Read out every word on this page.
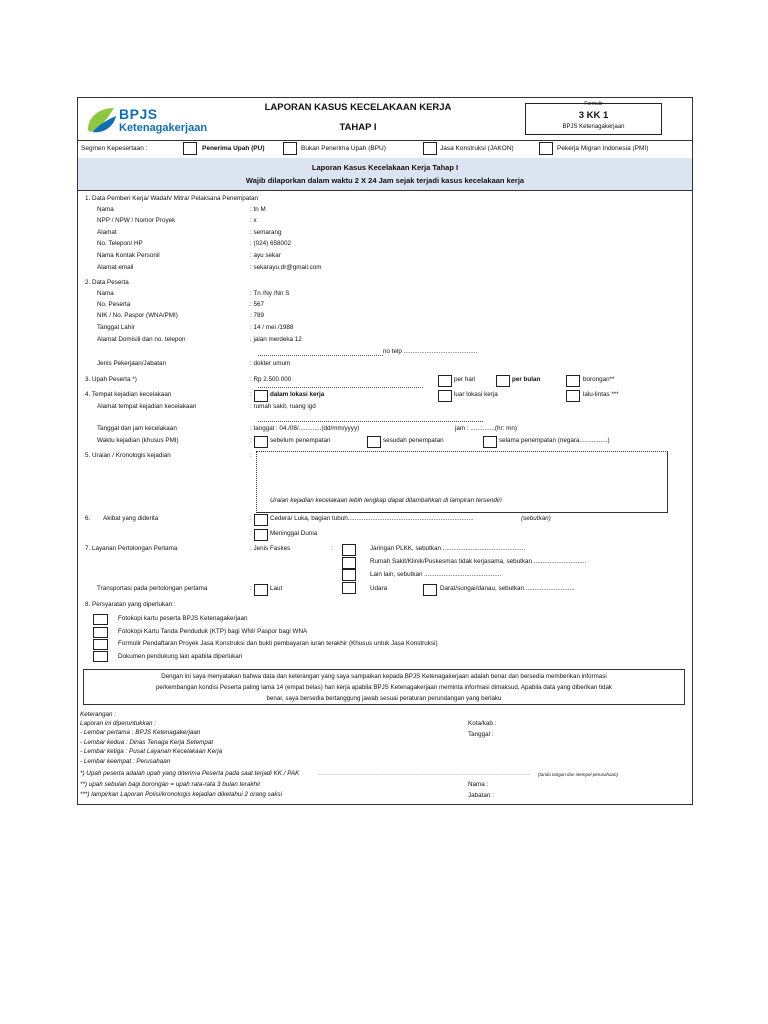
BPJS
Ketenagakerjaan
LAPORAN KASUS KECELAKAAN KERJA
TAHAP I
Formulir
3 KK 1
BPJS Ketenagakerjaan
Segmen Kepesertaan :	Penerima Upah (PU)	Bukan Penerima Upah (BPU)	Jasa Konstruksi (JAKON)	Pekerja Migran Indonesia (PMI)
Laporan Kasus Kecelakaan Kerja Tahap I
Wajib dilaporkan dalam waktu 2 X 24 Jam sejak terjadi kasus kecelakaan kerja
1. Data Pemberi Kerja/ Wadah/ Mitra/ Pelaksana Penempatan
Nama	: tn M
NPP / NPW / Nomor Proyek	: x
Alamat	: semarang
No. Telepon/ HP	: (024) 658002
Nama Kontak Personil	: ayu sekar
Alamat email	: sekarayu.dr@gmail.com
2. Data Peserta
Nama	: Tn /Ny /Nn S
No. Peserta	: 567
NIK / No. Paspor (WNA/PMI)	: 789
Tanggal Lahir	: 14 / mei /1988
Alamat Domisili dan no. telepon	: jalan merdeka 12
no telp ..........................................
Jenis Pekerjaan/Jabatan	: dokter umum
3. Upah Peserta *)	: Rp 2.500.000	per hari	per bulan	borongan**
4. Tempat kejadian kecelakaan	:	dalam lokasi kerja	luar lokasi kerja	lalu-lintas ***
Alamat tempat kejadian kecelakaan	: rumah sakit, ruang igd
Tanggal dan jam kecelakaan	: tanggal : 04./08/.............(dd/mm/yyyy)	jam : ......:.......(hr: mn)
Waktu kejadian (khusus PMI)	:	sebelum penempatan	sesudah penempatan	selama penempatan (negara................)
5. Uraian / Kronologis kejadian	:
Uraian kejadian kecelakaan lebih lengkap dapat ditambahkan di lampiran tersendiri
6. Akibat yang diderita	:	Cedera/ Luka, bagian tubuh........................................................................	(sebutkan)
:	Meninggal Dunia
7. Layanan Pertolongan Pertama	: Jenis Faskes	:	Jaringan PLKK, sebutkan ...............................................
Rumah Sakit/Klinik/Puskesmas tidak kerjasama, sebutkan ..............................
Lain lain, sebutkan ............................................
Transportasi pada pertolongan pertama	:	Laut	Udara	Darat/sungai/danau, sebutkan ............................
8. Persyaratan yang diperlukan :
Fotokopi kartu peserta BPJS Ketenagakerjaan
Fotokopi Kartu Tanda Penduduk (KTP) bagi WNI/ Paspor bagi WNA
Formulir Pendaftaran Proyek Jasa Konstruksi dan bukti pembayaran iuran terakhir (Khusus untuk Jasa Konstruksi)
Dokumen pendukung lain apabila diperlukan
Dengan ini saya menyatakan bahwa data dan keterangan yang saya sampaikan kepada BPJS Ketenagakerjaan adalah benar dan bersedia memberikan informasi
perkembangan kondisi Peserta paling lama 14 (empat belas) hari kerja apabila BPJS Ketenagakerjaan meminta informasi dimaksud, Apabila data yang diberikan tidak
benar, saya bersedia bertanggung jawab sesuai peraturan perundangan yang berlaku
Keterangan :
Laporan ini diperuntukkan :
- Lembar pertama : BPJS Ketenagakerjaan
- Lembar kedua : Dinas Tenaga Kerja Setempat
- Lembar ketiga : Pusat Layanan Kecelakaan Kerja
- Lembar keempat : Perusahaan
*) Upah peserta adalah upah yang diterima Peserta pada saat terjadi KK / PAK	............................................................................................................................................................................................... (tanda tangan dan stempel perusahaan)
**) upah sebulan bagi borongan = upah rata-rata 3 bulan terakhir
***) lampirkan Laporan Polisi/kronologis kejadian diketahui 2 orang saksi
Kota/kab :
Tanggal :
Nama :
Jabatan :
